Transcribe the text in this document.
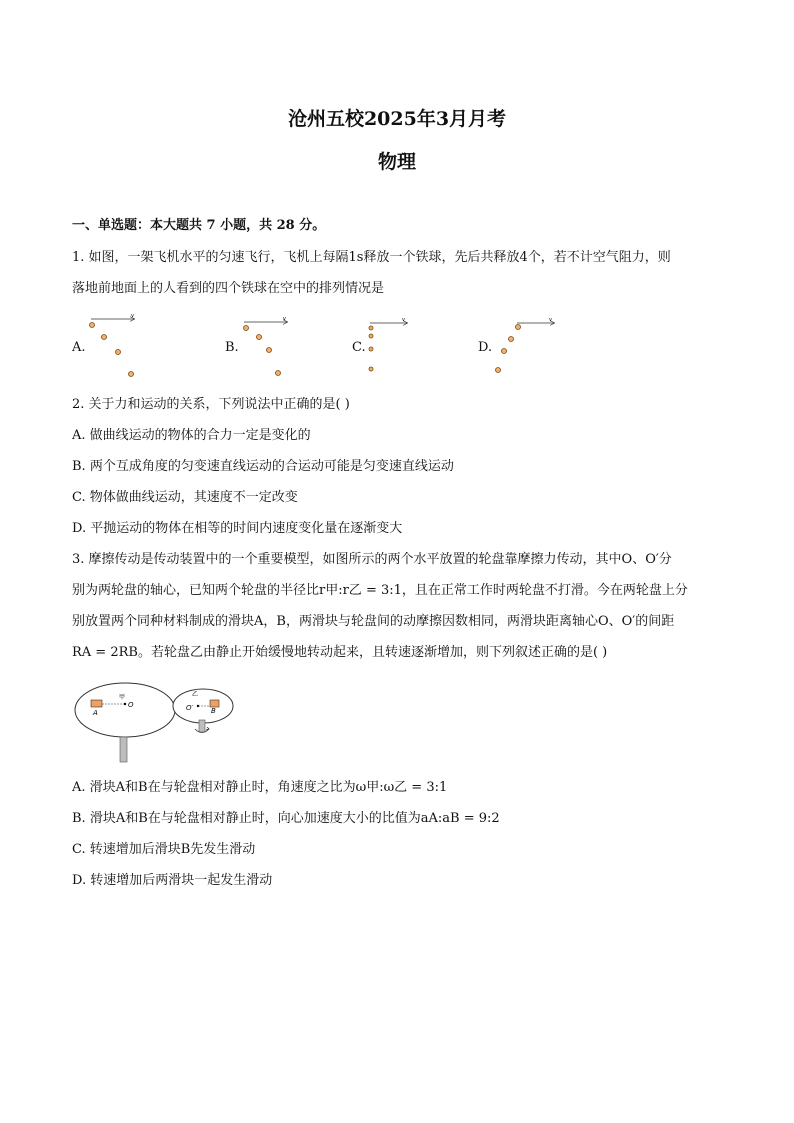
沧州五校2025年3月月考
物理
一、单选题：本大题共 7 小题，共 28 分。
1. 如图，一架飞机水平的匀速飞行，飞机上每隔1s释放一个铁球，先后共释放4个，若不计空气阻力，则
落地前地面上的人看到的四个铁球在空中的排列情况是
A.	B.	C.	D.
v	v	v	v
2. 关于力和运动的关系，下列说法中正确的是( )
A. 做曲线运动的物体的合力一定是变化的
B. 两个互成角度的匀变速直线运动的合运动可能是匀变速直线运动
C. 物体做曲线运动，其速度不一定改变
D. 平抛运动的物体在相等的时间内速度变化量在逐渐变大
3. 摩擦传动是传动装置中的一个重要模型，如图所示的两个水平放置的轮盘靠摩擦力传动，其中O、O′分
别为两轮盘的轴心，已知两个轮盘的半径比r甲:r乙 = 3:1，且在正常工作时两轮盘不打滑。今在两轮盘上分
别放置两个同种材料制成的滑块A，B，两滑块与轮盘间的动摩擦因数相同，两滑块距离轴心O、O′的间距
RA = 2RB。若轮盘乙由静止开始缓慢地转动起来，且转速逐渐增加，则下列叙述正确的是( )
A
甲
O
乙
O′	B
A. 滑块A和B在与轮盘相对静止时，角速度之比为ω甲:ω乙 = 3:1
B. 滑块A和B在与轮盘相对静止时，向心加速度大小的比值为aA:aB = 9:2
C. 转速增加后滑块B先发生滑动
D. 转速增加后两滑块一起发生滑动
